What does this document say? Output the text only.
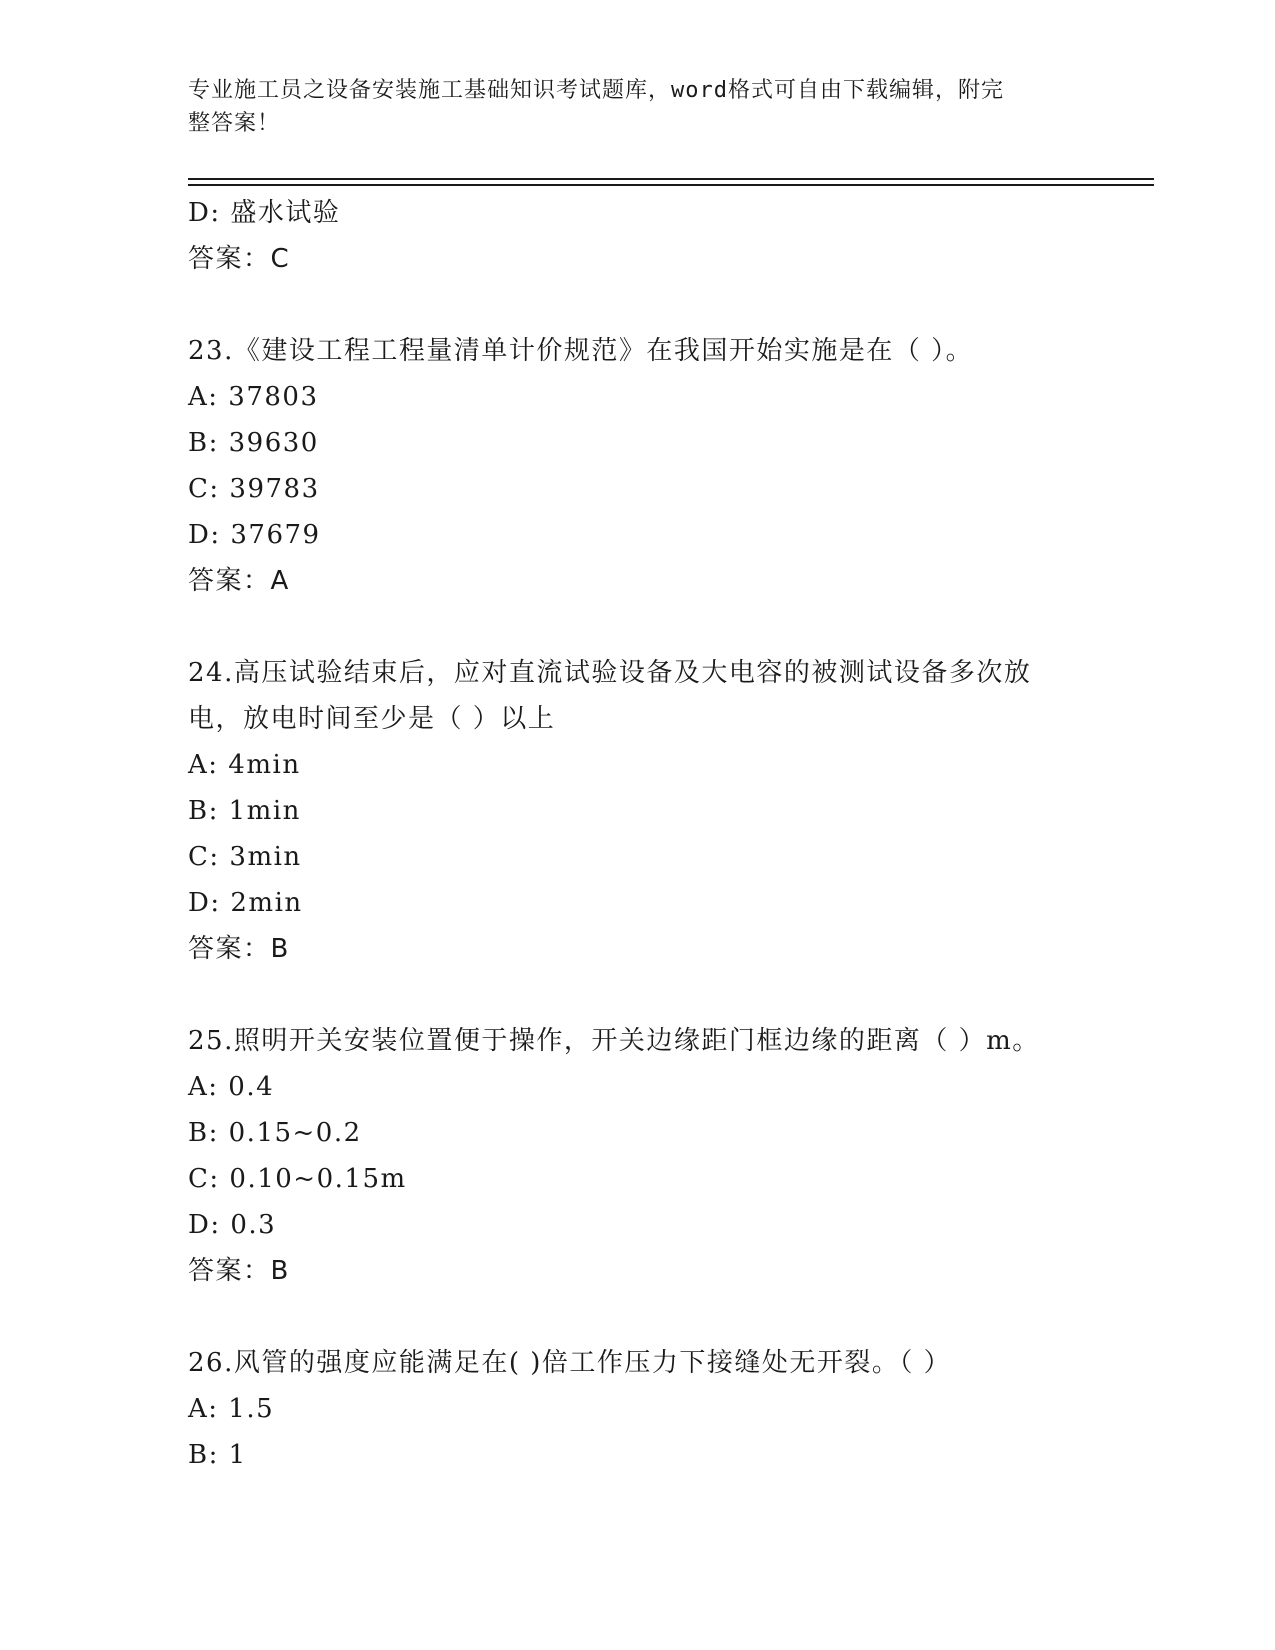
专业施工员之设备安装施工基础知识考试题库，word格式可自由下载编辑，附完
整答案！
D: 盛水试验
答案：C
23.《建设工程工程量清单计价规范》在我国开始实施是在（ ）。
A: 37803
B: 39630
C: 39783
D: 37679
答案：A
24.高压试验结束后，应对直流试验设备及大电容的被测试设备多次放
电，放电时间至少是（ ）以上
A: 4min
B: 1min
C: 3min
D: 2min
答案：B
25.照明开关安装位置便于操作，开关边缘距门框边缘的距离（ ）m。
A: 0.4
B: 0.15~0.2
C: 0.10~0.15m
D: 0.3
答案：B
26.风管的强度应能满足在( )倍工作压力下接缝处无开裂。（ ）
A: 1.5
B: 1
